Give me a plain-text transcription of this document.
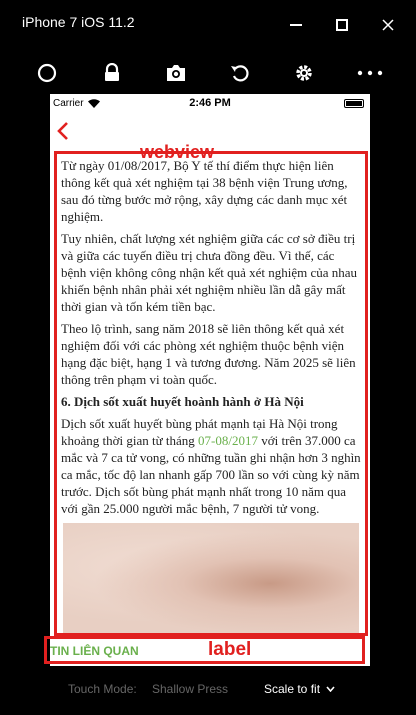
iPhone 7 iOS 11.2
Carrier	2:46 PM

Từ ngày 01/08/2017, Bộ Y tế thí điểm thực hiện liên thông kết quả xét nghiệm tại 38 bệnh viện Trung ương, sau đó từng bước mở rộng, xây dựng các danh mục xét nghiệm.

Tuy nhiên, chất lượng xét nghiệm giữa các cơ sở điều trị và giữa các tuyến điều trị chưa đồng đều. Vì thế, các bệnh viện không công nhận kết quả xét nghiệm của nhau khiến bệnh nhân phải xét nghiệm nhiều lần dẫ gây mất thời gian và tốn kém tiền bạc.

Theo lộ trình, sang năm 2018 sẽ liên thông kết quả xét nghiệm đối với các phòng xét nghiệm thuộc bệnh viện hạng đặc biệt, hạng 1 và tương đương. Năm 2025 sẽ liên thông trên phạm vi toàn quốc.

6. Dịch sốt xuất huyết hoành hành ở Hà Nội

Dịch sốt xuất huyết bùng phát mạnh tại Hà Nội trong khoảng thời gian từ tháng 07-08/2017 với trên 37.000 ca mắc và 7 ca tử vong, có những tuần ghi nhận hơn 3 nghìn ca mắc, tốc độ lan nhanh gấp 700 lần so với cùng kỳ năm trước. Dịch sốt bùng phát mạnh nhất trong 10 năm qua với gần 25.000 người mắc bệnh, 7 người tử vong.

webview
TIN LIÊN QUAN	label
Touch Mode: Shallow Press	Scale to fit
